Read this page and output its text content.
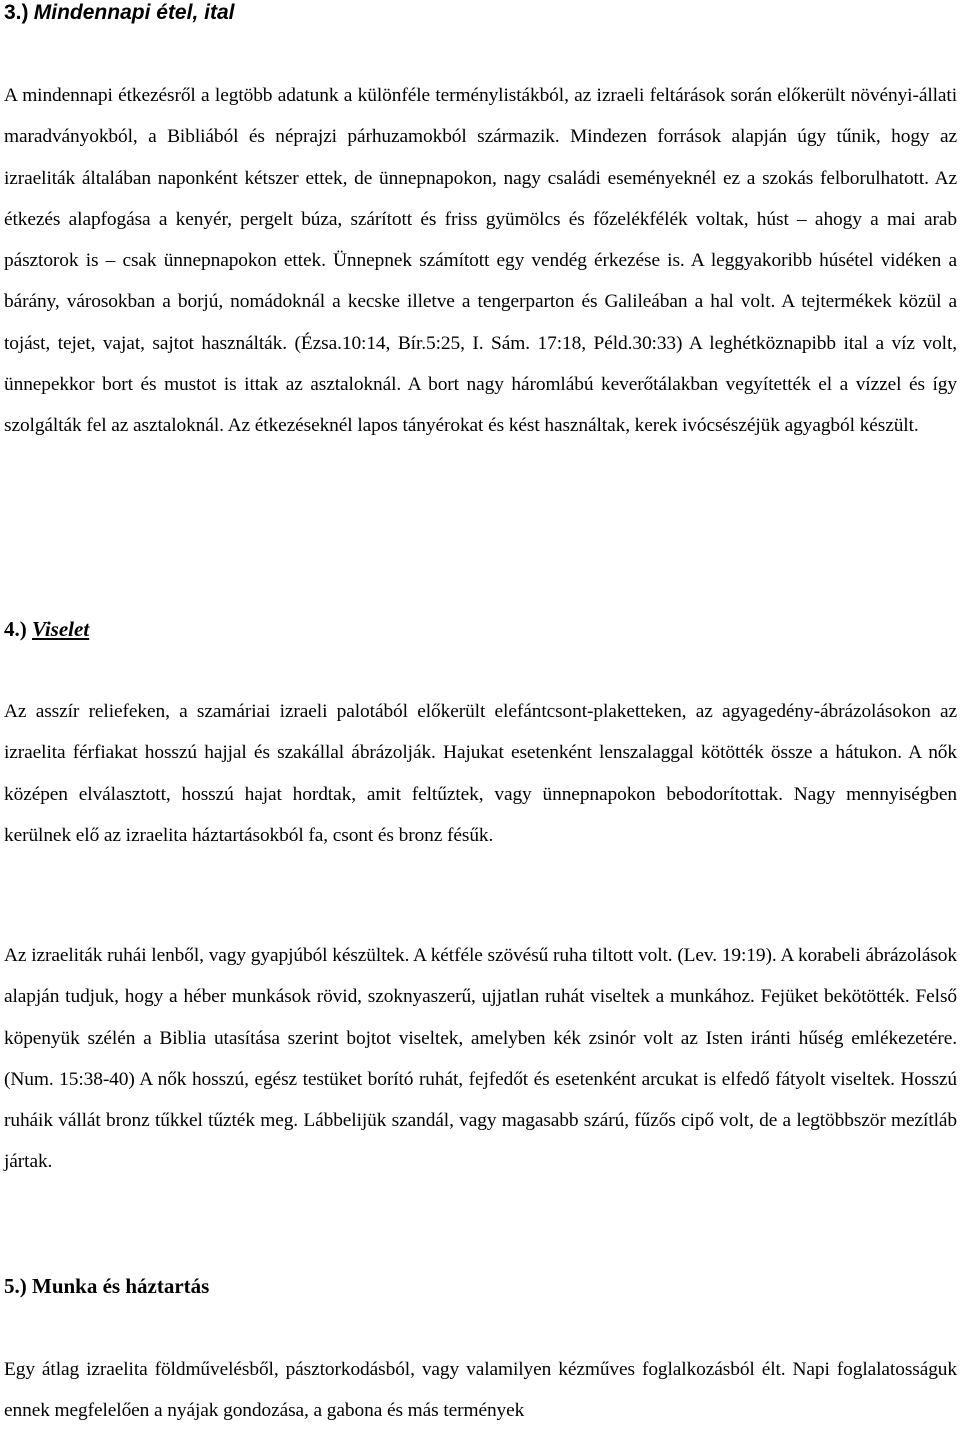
3.) Mindennapi étel, ital

A mindennapi étkezésről a legtöbb adatunk a különféle terménylistákból, az izraeli feltárások során előkerült növényi-állati maradványokból, a Bibliából és néprajzi párhuzamokból származik. Mindezen források alapján úgy tűnik, hogy az izraeliták általában naponként kétszer ettek, de ünnepnapokon, nagy családi eseményeknél ez a szokás felborulhatott. Az étkezés alapfogása a kenyér, pergelt búza, szárított és friss gyümölcs és főzelékfélék voltak, húst – ahogy a mai arab pásztorok is – csak ünnepnapokon ettek. Ünnepnek számított egy vendég érkezése is. A leggyakoribb húsétel vidéken a bárány, városokban a borjú, nomádoknál a kecske illetve a tengerparton és Galileában a hal volt. A tejtermékek közül a tojást, tejet, vajat, sajtot használták. (Ézsa.10:14, Bír.5:25, I. Sám. 17:18, Péld.30:33) A leghétköznapibb ital a víz volt, ünnepekkor bort és mustot is ittak az asztaloknál. A bort nagy háromlábú keverőtálakban vegyítették el a vízzel és így szolgálták fel az asztaloknál. Az étkezéseknél lapos tányérokat és kést használtak, kerek ivócsészéjük agyagból készült.

4.) Viselet

Az asszír reliefeken, a szamáriai izraeli palotából előkerült elefántcsont-plaketteken, az agyagedény-ábrázolásokon az izraelita férfiakat hosszú hajjal és szakállal ábrázolják. Hajukat esetenként lenszalaggal kötötték össze a hátukon. A nők középen elválasztott, hosszú hajat hordtak, amit feltűztek, vagy ünnepnapokon bebodorítottak. Nagy mennyiségben kerülnek elő az izraelita háztartásokból fa, csont és bronz fésűk.

Az izraeliták ruhái lenből, vagy gyapjúból készültek. A kétféle szövésű ruha tiltott volt. (Lev. 19:19). A korabeli ábrázolások alapján tudjuk, hogy a héber munkások rövid, szoknyaszerű, ujjatlan ruhát viseltek a munkához. Fejüket bekötötték. Felső köpenyük szélén a Biblia utasítása szerint bojtot viseltek, amelyben kék zsinór volt az Isten iránti hűség emlékezetére. (Num. 15:38-40) A nők hosszú, egész testüket borító ruhát, fejfedőt és esetenként arcukat is elfedő fátyolt viseltek. Hosszú ruháik vállát bronz tűkkel tűzték meg. Lábbelijük szandál, vagy magasabb szárú, fűzős cipő volt, de a legtöbbször mezítláb jártak.

5.) Munka és háztartás

Egy átlag izraelita földművelésből, pásztorkodásból, vagy valamilyen kézműves foglalkozásból élt. Napi foglalatosságuk ennek megfelelően a nyájak gondozása, a gabona és más termények
